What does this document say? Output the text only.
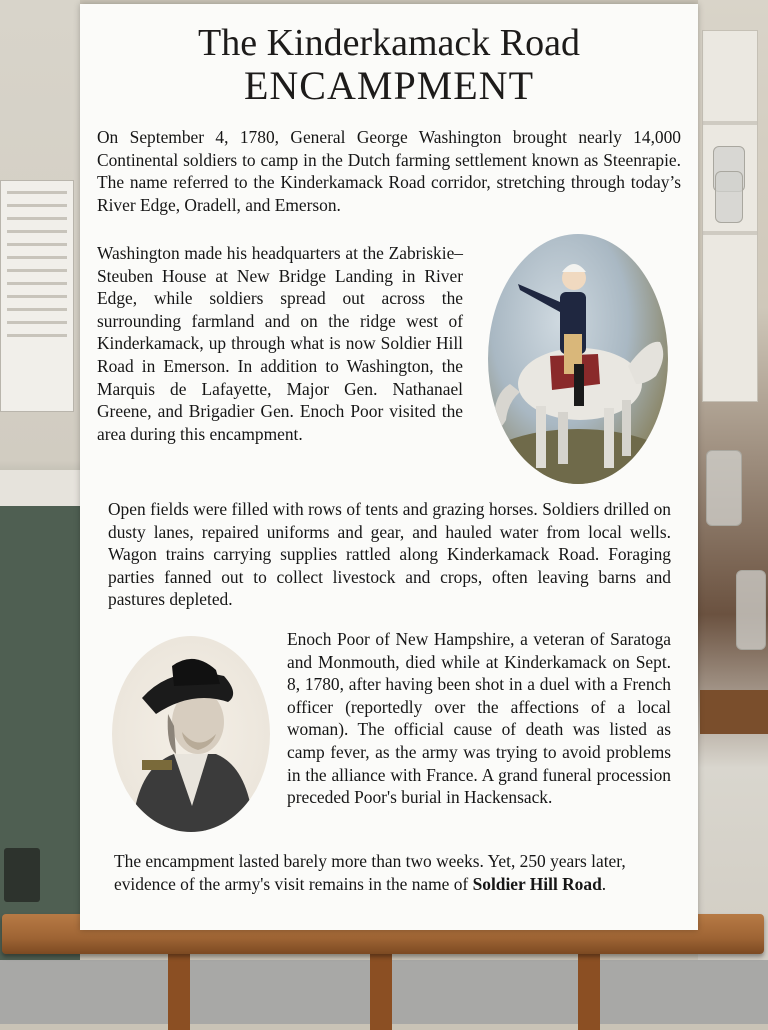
The Kinderkamack Road
ENCAMPMENT

On September 4, 1780, General George Washington brought nearly 14,000 Continental soldiers to camp in the Dutch farming settlement known as Steenrapie. The name referred to the Kinderkamack Road corridor, stretching through today’s River Edge, Oradell, and Emerson.

Washington made his headquarters at the Zabriskie–Steuben House at New Bridge Landing in River Edge, while soldiers spread out across the surrounding farmland and on the ridge west of Kinderkamack, up through what is now Soldier Hill Road in Emerson. In addition to Washington, the Marquis de Lafayette, Major Gen. Nathanael Greene, and Brigadier Gen. Enoch Poor visited the area during this encampment.

Open fields were filled with rows of tents and grazing horses. Soldiers drilled on dusty lanes, repaired uniforms and gear, and hauled water from local wells. Wagon trains carrying supplies rattled along Kinderkamack Road. Foraging parties fanned out to collect livestock and crops, often leaving barns and pastures depleted.

Enoch Poor of New Hampshire, a veteran of Saratoga and Monmouth, died while at Kinderkamack on Sept. 8, 1780, after having been shot in a duel with a French officer (reportedly over the affections of a local woman). The official cause of death was listed as camp fever, as the army was trying to avoid problems in the alliance with France. A grand funeral procession preceded Poor's burial in Hackensack.

The encampment lasted barely more than two weeks. Yet, 250 years later, evidence of the army's visit remains in the name of Soldier Hill Road.
